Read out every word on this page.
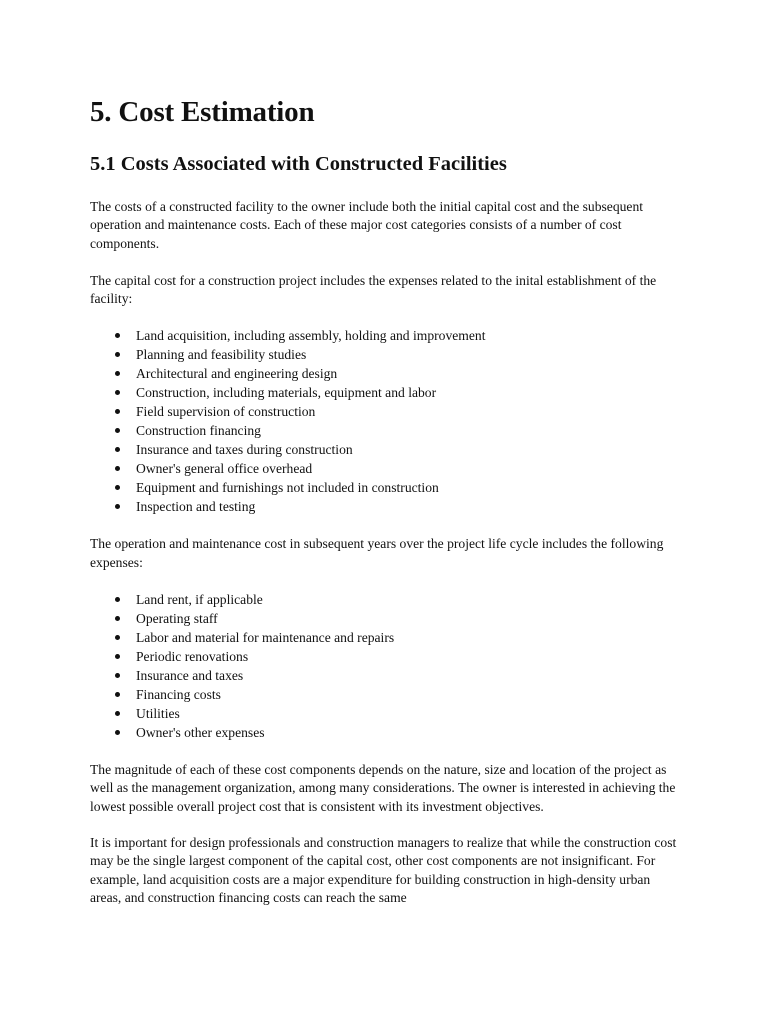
5. Cost Estimation
5.1 Costs Associated with Constructed Facilities

The costs of a constructed facility to the owner include both the initial capital cost and the subsequent operation and maintenance costs. Each of these major cost categories consists of a number of cost components.

The capital cost for a construction project includes the expenses related to the inital establishment of the facility:

Land acquisition, including assembly, holding and improvement
Planning and feasibility studies
Architectural and engineering design
Construction, including materials, equipment and labor
Field supervision of construction
Construction financing
Insurance and taxes during construction
Owner's general office overhead
Equipment and furnishings not included in construction
Inspection and testing

The operation and maintenance cost in subsequent years over the project life cycle includes the following expenses:

Land rent, if applicable
Operating staff
Labor and material for maintenance and repairs
Periodic renovations
Insurance and taxes
Financing costs
Utilities
Owner's other expenses

The magnitude of each of these cost components depends on the nature, size and location of the project as well as the management organization, among many considerations. The owner is interested in achieving the lowest possible overall project cost that is consistent with its investment objectives.

It is important for design professionals and construction managers to realize that while the construction cost may be the single largest component of the capital cost, other cost components are not insignificant. For example, land acquisition costs are a major expenditure for building construction in high-density urban areas, and construction financing costs can reach the same
